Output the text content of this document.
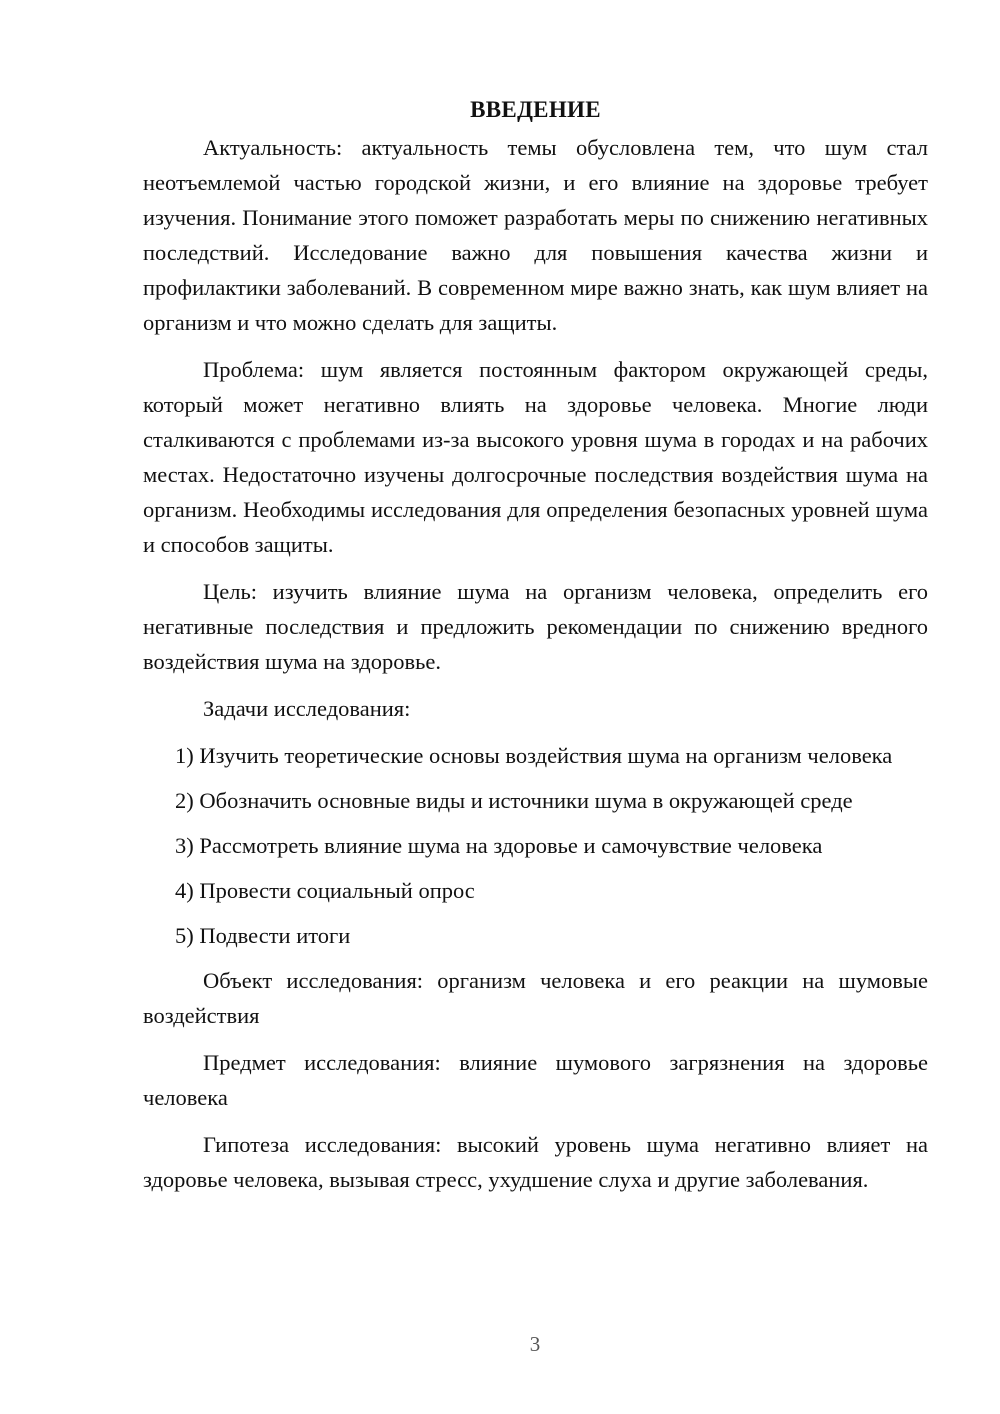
ВВЕДЕНИЕ

Актуальность: актуальность темы обусловлена тем, что шум стал неотъемлемой частью городской жизни, и его влияние на здоровье требует изучения. Понимание этого поможет разработать меры по снижению негативных последствий. Исследование важно для повышения качества жизни и профилактики заболеваний. В современном мире важно знать, как шум влияет на организм и что можно сделать для защиты.

Проблема: шум является постоянным фактором окружающей среды, который может негативно влиять на здоровье человека. Многие люди сталкиваются с проблемами из-за высокого уровня шума в городах и на рабочих местах. Недостаточно изучены долгосрочные последствия воздействия шума на организм. Необходимы исследования для определения безопасных уровней шума и способов защиты.

Цель: изучить влияние шума на организм человека, определить его негативные последствия и предложить рекомендации по снижению вредного воздействия шума на здоровье.

Задачи исследования:

1) Изучить теоретические основы воздействия шума на организм человека

2) Обозначить основные виды и источники шума в окружающей среде

3) Рассмотреть влияние шума на здоровье и самочувствие человека

4) Провести социальный опрос

5) Подвести итоги

Объект исследования: организм человека и его реакции на шумовые воздействия

Предмет исследования: влияние шумового загрязнения на здоровье человека

Гипотеза исследования: высокий уровень шума негативно влияет на здоровье человека, вызывая стресс, ухудшение слуха и другие заболевания.

3
